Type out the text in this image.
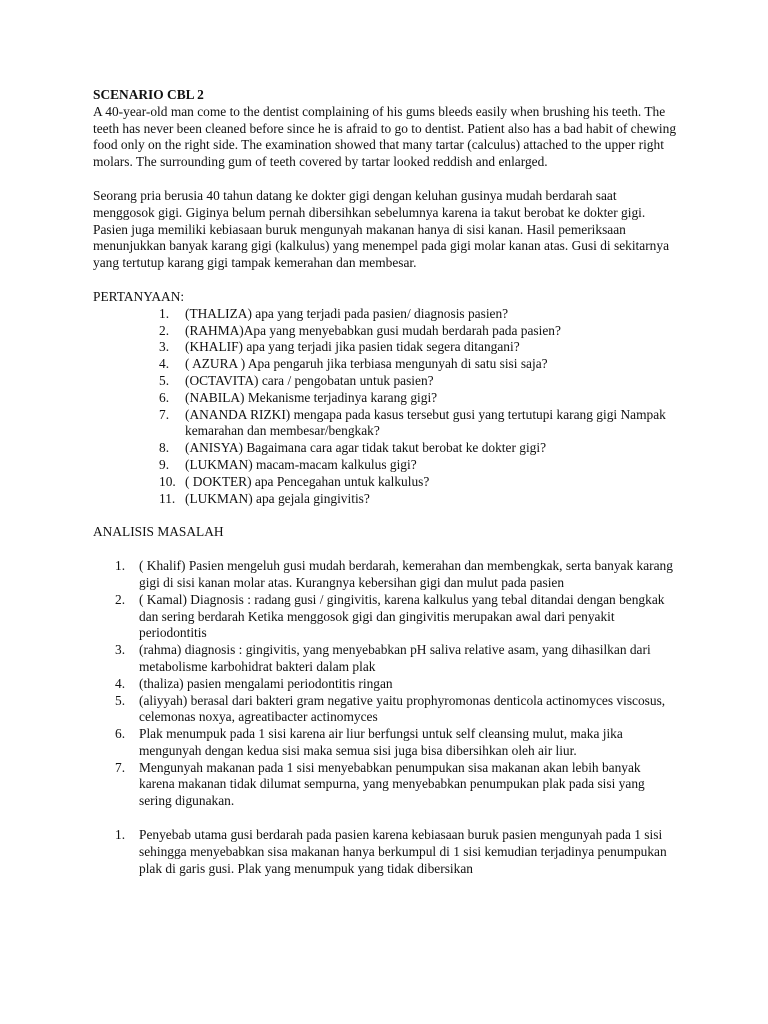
SCENARIO CBL 2

A 40-year-old man come to the dentist complaining of his gums bleeds easily when brushing his teeth. The teeth has never been cleaned before since he is afraid to go to dentist. Patient also has a bad habit of chewing food only on the right side. The examination showed that many tartar (calculus) attached to the upper right molars. The surrounding gum of teeth covered by tartar looked reddish and enlarged.

Seorang pria berusia 40 tahun datang ke dokter gigi dengan keluhan gusinya mudah berdarah saat menggosok gigi. Giginya belum pernah dibersihkan sebelumnya karena ia takut berobat ke dokter gigi. Pasien juga memiliki kebiasaan buruk mengunyah makanan hanya di sisi kanan. Hasil pemeriksaan menunjukkan banyak karang gigi (kalkulus) yang menempel pada gigi molar kanan atas. Gusi di sekitarnya yang tertutup karang gigi tampak kemerahan dan membesar.

PERTANYAAN:
1.	(THALIZA) apa yang terjadi pada pasien/ diagnosis pasien?
2.	(RAHMA)Apa yang menyebabkan gusi mudah berdarah pada pasien?
3.	(KHALIF) apa yang terjadi jika pasien tidak segera ditangani?
4.	( AZURA ) Apa pengaruh jika terbiasa mengunyah di satu sisi saja?
5.	(OCTAVITA) cara / pengobatan untuk pasien?
6.	(NABILA) Mekanisme terjadinya karang gigi?
7.	(ANANDA RIZKI) mengapa pada kasus tersebut gusi yang tertutupi karang gigi Nampak kemarahan dan membesar/bengkak?
8.	(ANISYA) Bagaimana cara agar tidak takut berobat ke dokter gigi?
9.	(LUKMAN) macam-macam kalkulus gigi?
10. ( DOKTER) apa Pencegahan untuk kalkulus?
11. (LUKMAN) apa gejala gingivitis?
ANALISIS MASALAH
1.	( Khalif) Pasien mengeluh gusi mudah berdarah, kemerahan dan membengkak, serta banyak karang gigi di sisi kanan molar atas. Kurangnya kebersihan gigi dan mulut pada pasien
2.	( Kamal) Diagnosis : radang gusi / gingivitis, karena kalkulus yang tebal ditandai dengan bengkak dan sering berdarah Ketika menggosok gigi dan gingivitis merupakan awal dari penyakit periodontitis
3.	(rahma) diagnosis : gingivitis, yang menyebabkan pH saliva relative asam, yang dihasilkan dari metabolisme karbohidrat bakteri dalam plak
4.	(thaliza) pasien mengalami periodontitis ringan
5.	(aliyyah) berasal dari bakteri gram negative yaitu prophyromonas denticola actinomyces viscosus, celemonas noxya, agreatibacter actinomyces
6.	Plak menumpuk pada 1 sisi karena air liur berfungsi untuk self cleansing mulut, maka jika mengunyah dengan kedua sisi maka semua sisi juga bisa dibersihkan oleh air liur.
7.	Mengunyah makanan pada 1 sisi menyebabkan penumpukan sisa makanan akan lebih banyak karena makanan tidak dilumat sempurna, yang menyebabkan penumpukan plak pada sisi yang sering digunakan.
1.	Penyebab utama gusi berdarah pada pasien karena kebiasaan buruk pasien mengunyah pada 1 sisi sehingga menyebabkan sisa makanan hanya berkumpul di 1 sisi kemudian terjadinya penumpukan plak di garis gusi. Plak yang menumpuk yang tidak dibersikan
